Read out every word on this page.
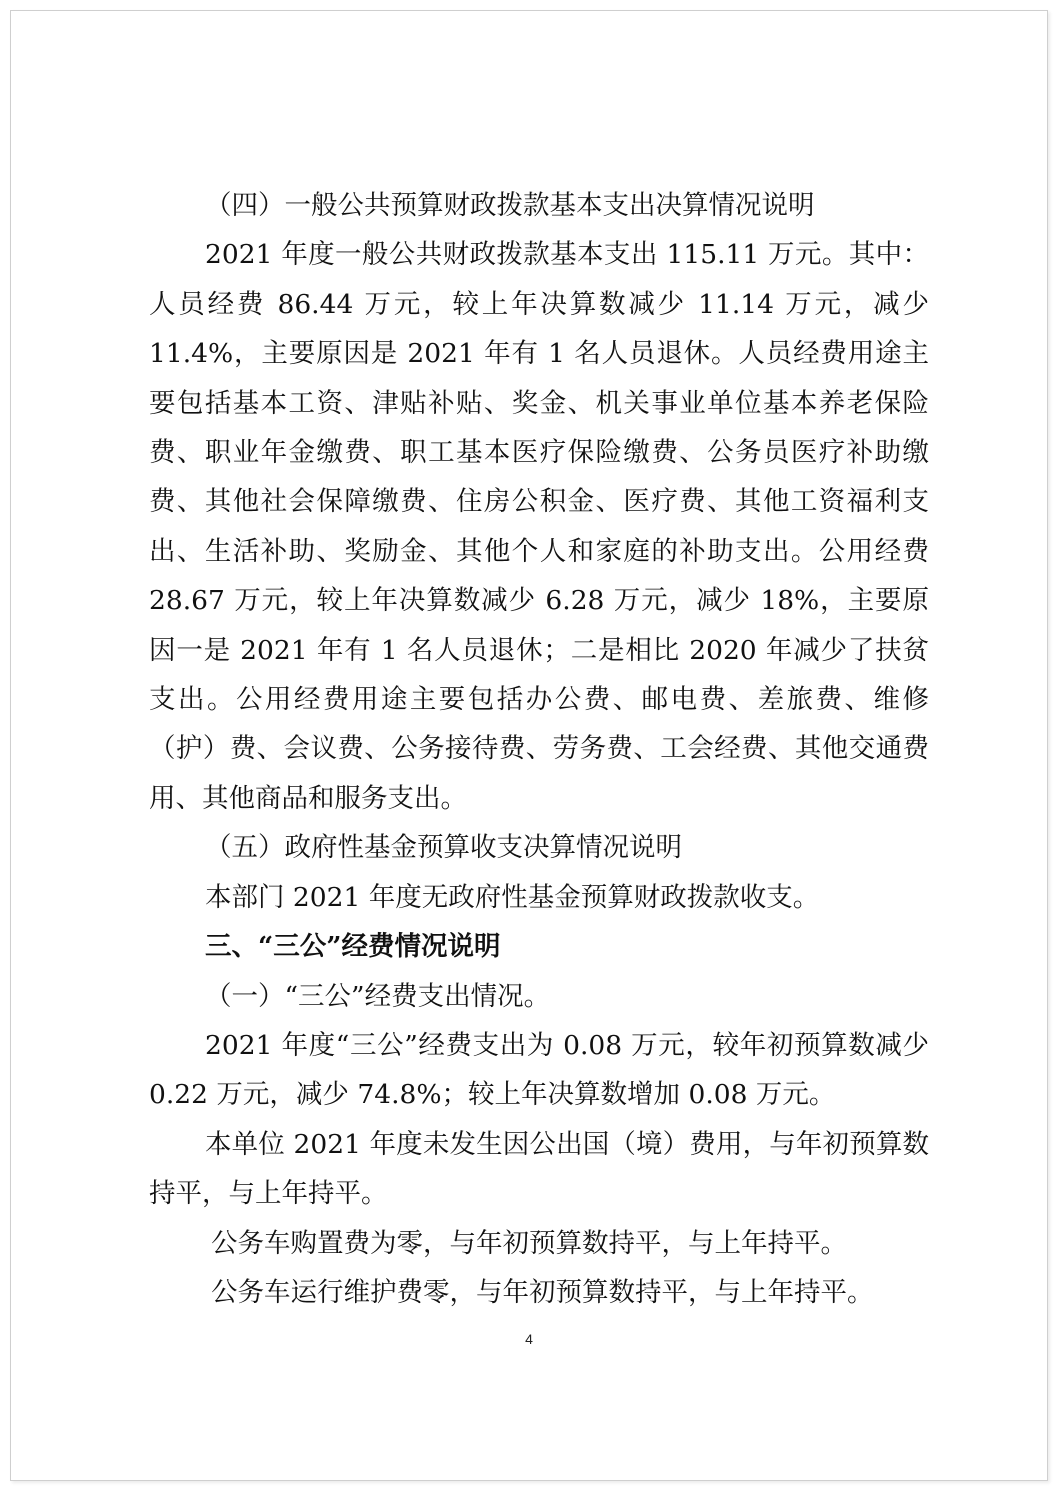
（四）一般公共预算财政拨款基本支出决算情况说明

2021 年度一般公共财政拨款基本支出 115.11 万元。其中：人员经费 86.44 万元，较上年决算数减少 11.14 万元，减少 11.4%，主要原因是 2021 年有 1 名人员退休。人员经费用途主要包括基本工资、津贴补贴、奖金、机关事业单位基本养老保险费、职业年金缴费、职工基本医疗保险缴费、公务员医疗补助缴费、其他社会保障缴费、住房公积金、医疗费、其他工资福利支出、生活补助、奖励金、其他个人和家庭的补助支出。公用经费 28.67 万元，较上年决算数减少 6.28 万元，减少 18%，主要原因一是 2021 年有 1 名人员退休；二是相比 2020 年减少了扶贫支出。公用经费用途主要包括办公费、邮电费、差旅费、维修（护）费、会议费、公务接待费、劳务费、工会经费、其他交通费用、其他商品和服务支出。

（五）政府性基金预算收支决算情况说明

本部门 2021 年度无政府性基金预算财政拨款收支。

三、“三公”经费情况说明

（一）“三公”经费支出情况。

2021 年度“三公”经费支出为 0.08 万元，较年初预算数减少 0.22 万元，减少 74.8%；较上年决算数增加 0.08 万元。

本单位 2021 年度未发生因公出国（境）费用，与年初预算数持平，与上年持平。

公务车购置费为零，与年初预算数持平，与上年持平。

公务车运行维护费零，与年初预算数持平，与上年持平。

4
